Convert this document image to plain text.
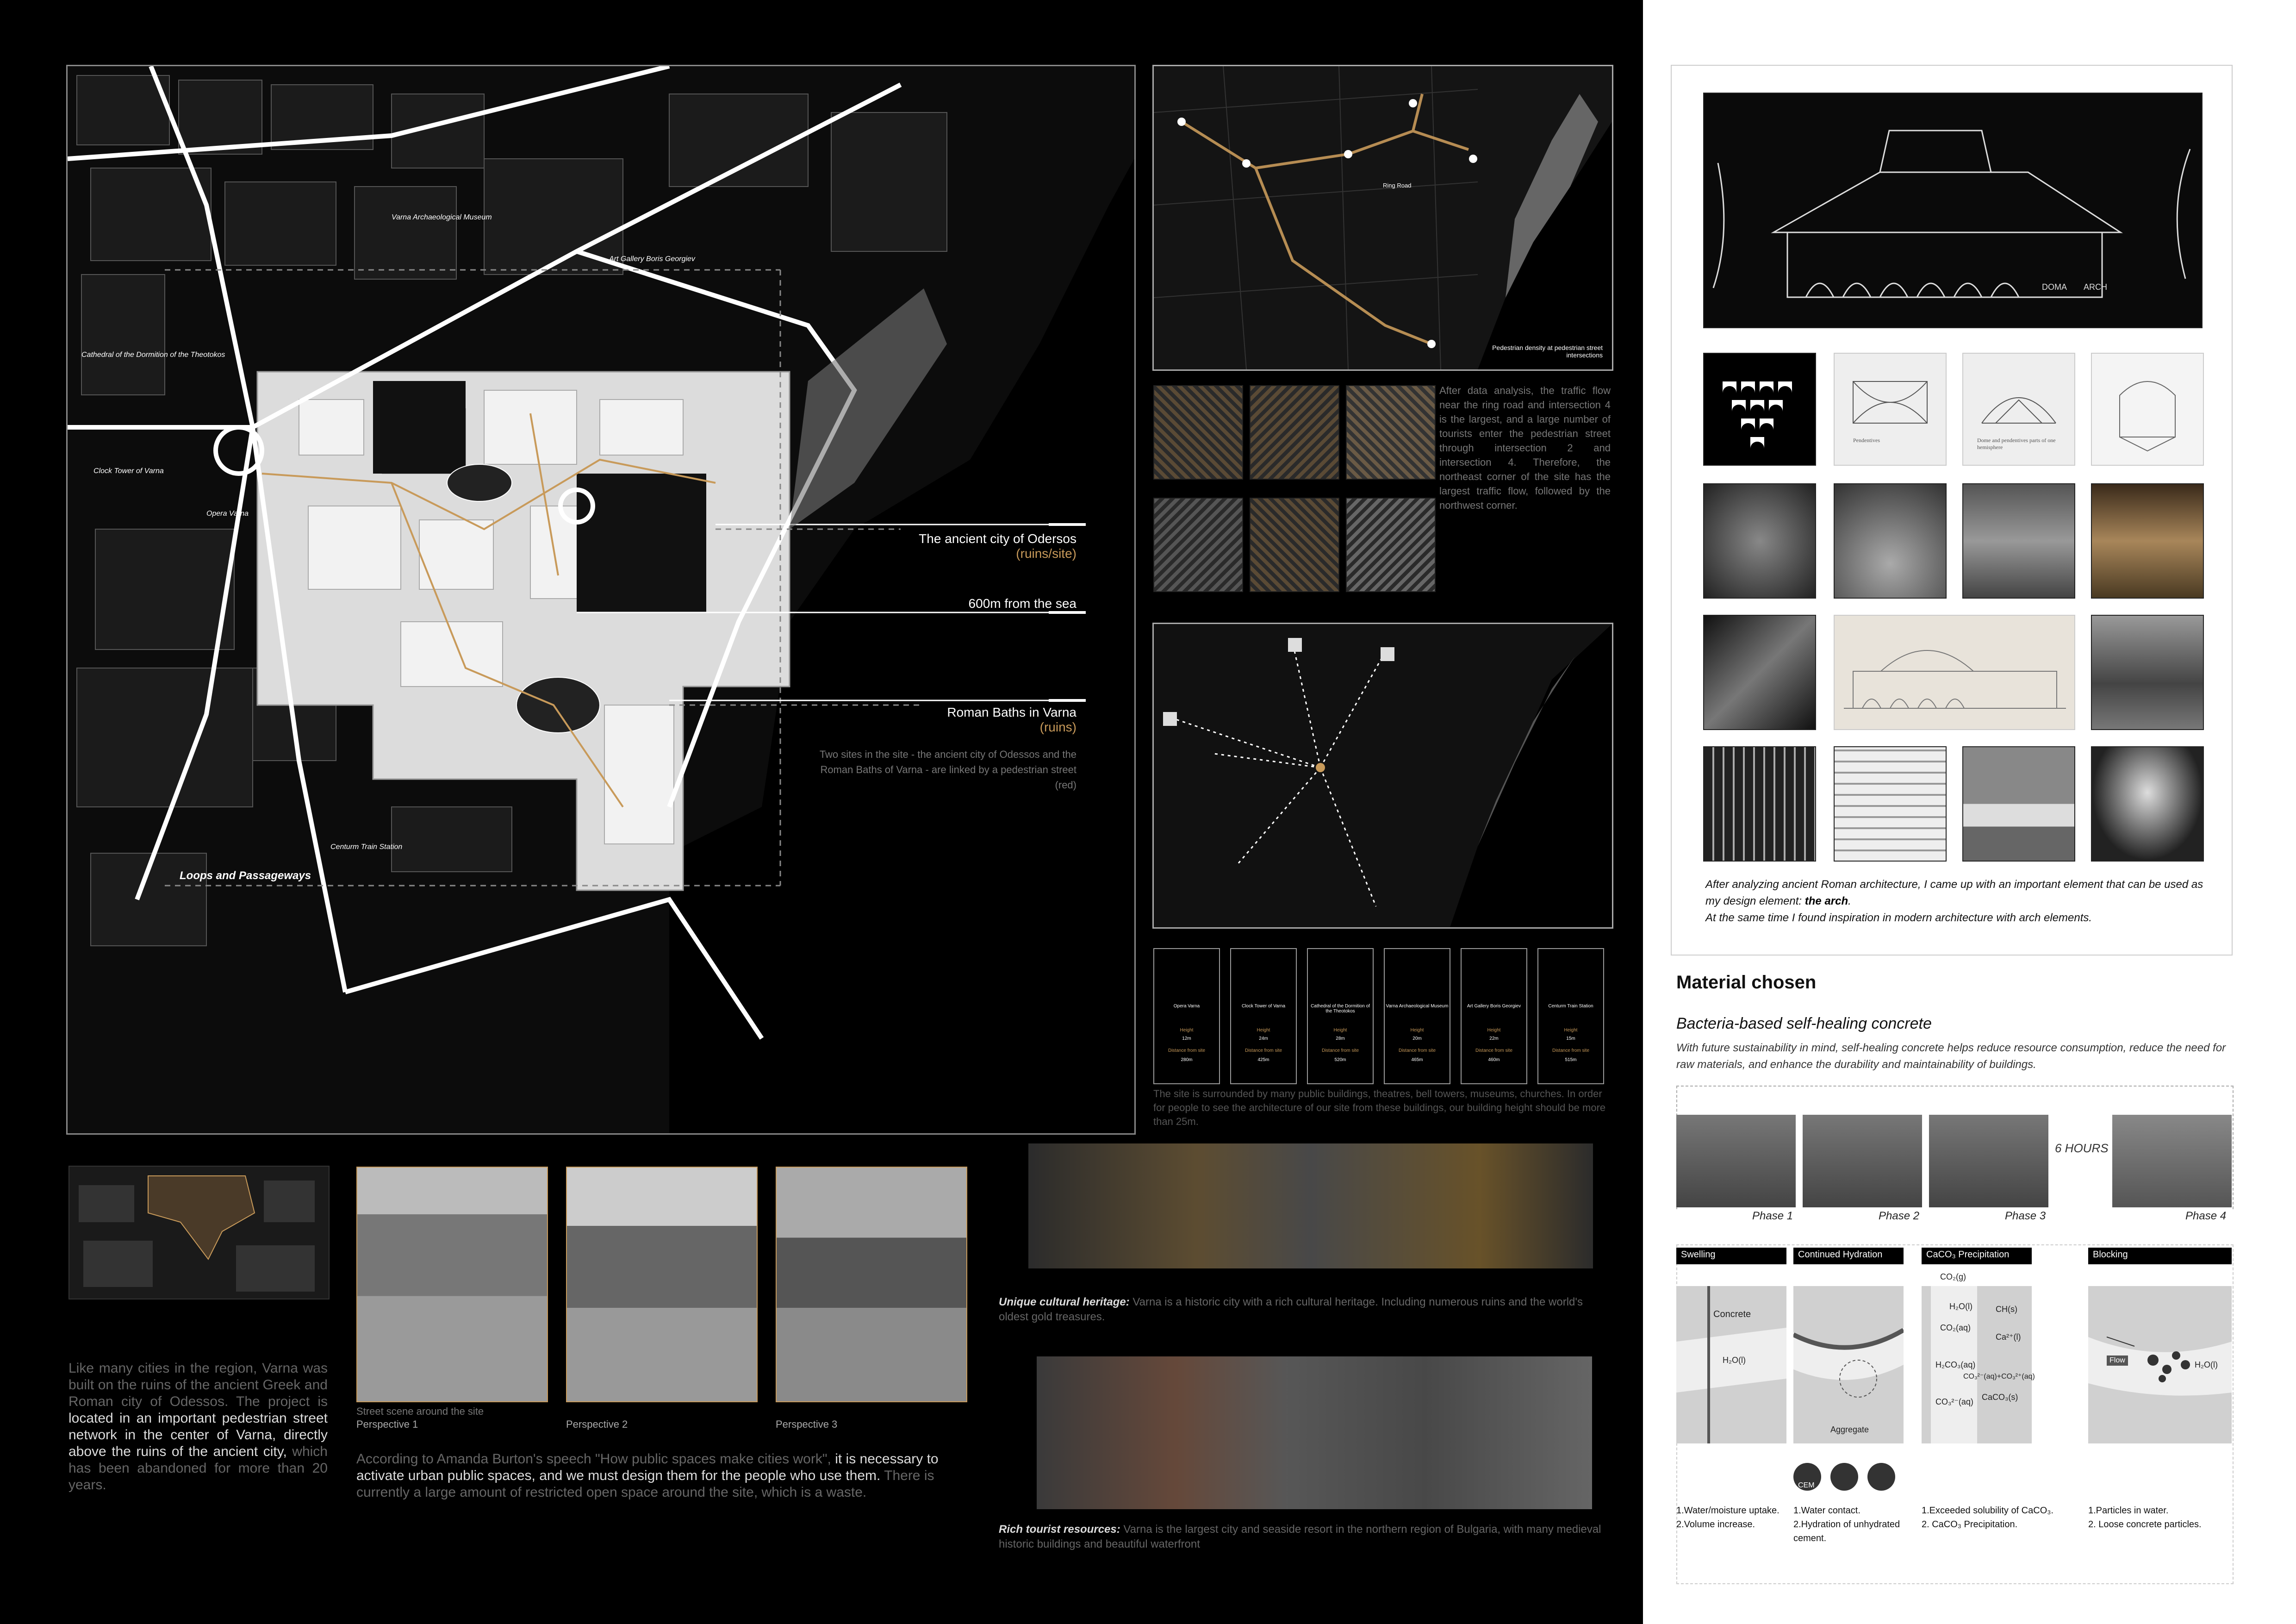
Varna Archaeological Museum
Art Gallery Boris Georgiev
Cathedral of the Dormition of the Theotokos
Clock Tower of Varna
Opera Varna
Centurm Train Station
Loops and Passageways
The ancient city of Odersos
(ruins/site)
600m from the sea
Roman Baths in Varna
(ruins)
Two sites in the site - the ancient city of Odessos and the Roman Baths of Varna - are linked by a pedestrian street (red)
Ring Road
Pedestrian density at pedestrian street intersections
After data analysis, the traffic flow near the ring road and intersection 4 is the largest, and a large number of tourists enter the pedestrian street through intersection 2 and intersection 4. Therefore, the northeast corner of the site has the largest traffic flow, followed by the northwest corner.
Opera Varna
Height
12m
Distance from site
280m
Clock Tower of Varna
Height
24m
Distance from site
425m
Cathedral of the Dormition of the Theotokos
Height
28m
Distance from site
520m
Varna Archaeological Museum
Height
20m
Distance from site
465m
Art Gallery Boris Georgiev
Height
22m
Distance from site
460m
Centurm Train Station
Height
15m
Distance from site
515m
The site is surrounded by many public buildings, theatres, bell towers, museums, churches. In order for people to see the architecture of our site from these buildings, our building height should be more than 25m.
Like many cities in the region, Varna was built on the ruins of the ancient Greek and Roman city of Odessos. The project is located in an important pedestrian street network in the center of Varna, directly above the ruins of the ancient city, which has been abandoned for more than 20 years.
Street scene around the site
Perspective 1	Perspective 2	Perspective 3
According to Amanda Burton's speech "How public spaces make cities work", it is necessary to activate urban public spaces, and we must design them for the people who use them. There is currently a large amount of restricted open space around the site, which is a waste.
Unique cultural heritage: Varna is a historic city with a rich cultural heritage. Including numerous ruins and the world's oldest gold treasures.
Rich tourist resources: Varna is the largest city and seaside resort in the northern region of Bulgaria, with many medieval historic buildings and beautiful waterfront
DOMA ARCH
Pendentives	Dome and pendentives parts of one hemisphere
After analyzing ancient Roman architecture, I came up with an important element that can be used as my design element: the arch.
At the same time I found inspiration in modern architecture with arch elements.
Material chosen
Bacteria-based self-healing concrete
With future sustainability in mind, self-healing concrete helps reduce resource consumption, reduce the need for raw materials, and enhance the durability and maintainability of buildings.
6 HOURS
Phase 1	Phase 2	Phase 3	Phase 4
Swelling	Continued Hydration	CaCO₃ Precipitation	Blocking
Concrete
H₂O(l)
Aggregate
CEM
CO₂(g)
H₂O(l)
CO₂(aq)
H₂CO₃(aq)
CO₃²⁻(aq)
CH(s)
Ca²⁺(l)
CO₃²⁻(aq)+CO₃²⁺(aq)
CaCO₃(s)
Flow	H₂O(l)
1.Water/moisture uptake.
2.Volume increase.
1.Water contact.
2.Hydration of unhydrated cement.
1.Exceeded solubility of CaCO₃.
2. CaCO₃ Precipitation.
1.Particles in water.
2. Loose concrete particles.
